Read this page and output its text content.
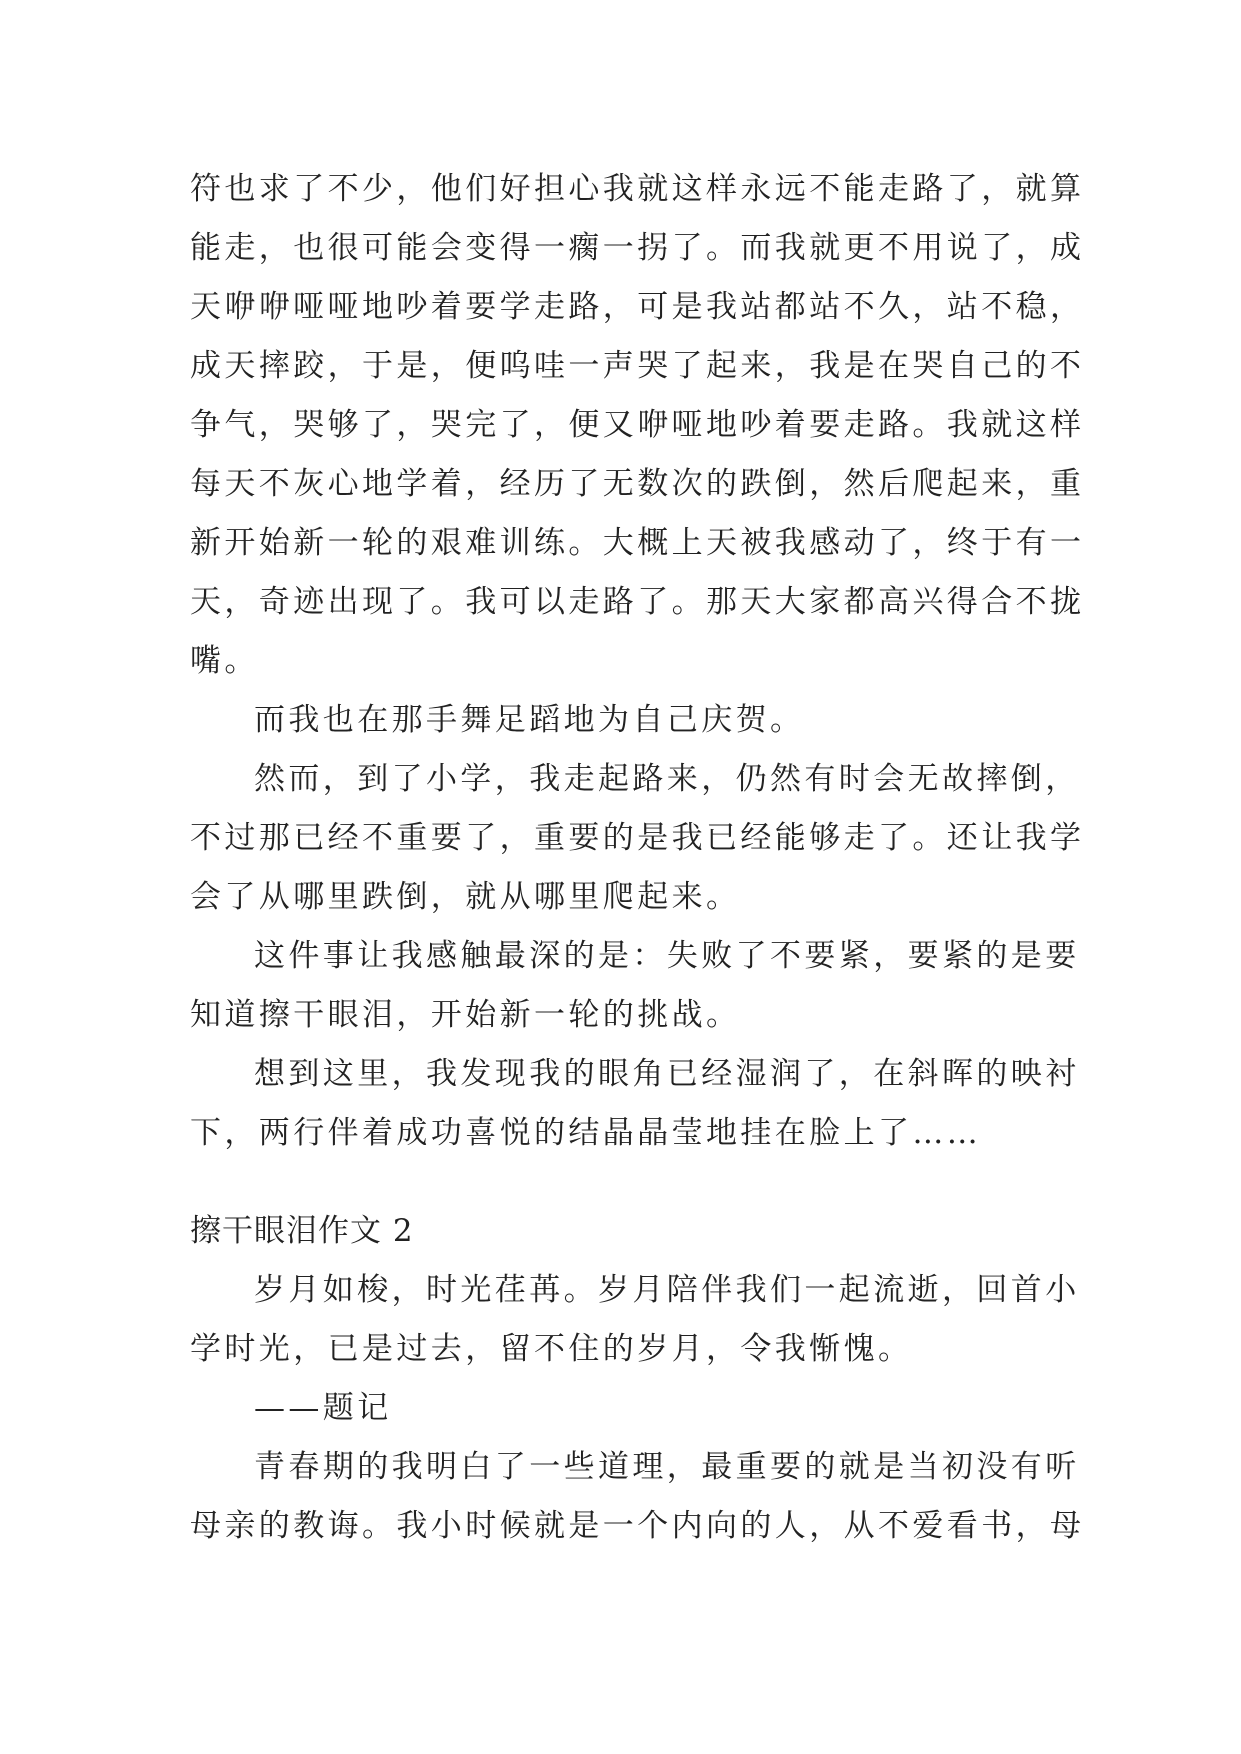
符也求了不少，他们好担心我就这样永远不能走路了，就算
能走，也很可能会变得一瘸一拐了。而我就更不用说了，成
天咿咿哑哑地吵着要学走路，可是我站都站不久，站不稳，
成天摔跤，于是，便呜哇一声哭了起来，我是在哭自己的不
争气，哭够了，哭完了，便又咿哑地吵着要走路。我就这样
每天不灰心地学着，经历了无数次的跌倒，然后爬起来，重
新开始新一轮的艰难训练。大概上天被我感动了，终于有一
天，奇迹出现了。我可以走路了。那天大家都高兴得合不拢
嘴。
而我也在那手舞足蹈地为自己庆贺。
然而，到了小学，我走起路来，仍然有时会无故摔倒，
不过那已经不重要了，重要的是我已经能够走了。还让我学
会了从哪里跌倒，就从哪里爬起来。
这件事让我感触最深的是：失败了不要紧，要紧的是要
知道擦干眼泪，开始新一轮的挑战。
想到这里，我发现我的眼角已经湿润了，在斜晖的映衬
下，两行伴着成功喜悦的结晶晶莹地挂在脸上了……
擦干眼泪作文 2
岁月如梭，时光荏苒。岁月陪伴我们一起流逝，回首小
学时光，已是过去，留不住的岁月，令我惭愧。
——题记
青春期的我明白了一些道理，最重要的就是当初没有听
母亲的教诲。我小时候就是一个内向的人，从不爱看书，母
